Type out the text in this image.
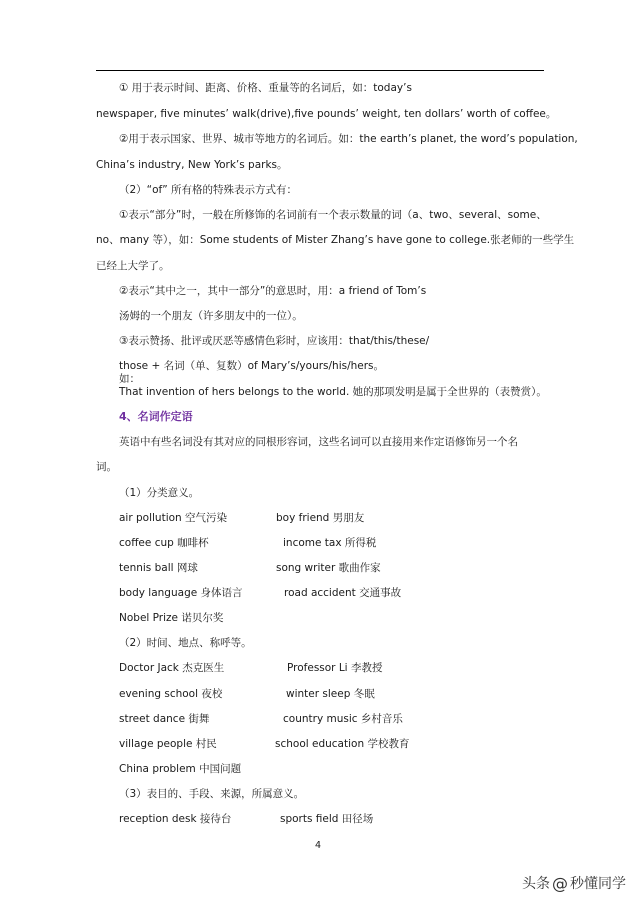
① 用于表示时间、距离、价格、重量等的名词后，如：today’s
newspaper, five minutes’ walk(drive),five pounds’ weight, ten dollars’ worth of coffee。
②用于表示国家、世界、城市等地方的名词后。如：the earth’s planet, the word’s population,
China’s industry, New York’s parks。
（2）“of” 所有格的特殊表示方式有：
①表示“部分”时，一般在所修饰的名词前有一个表示数量的词（a、two、several、some、
no、many 等），如：Some students of Mister Zhang’s have gone to college.张老师的一些学生
已经上大学了。
②表示“其中之一，其中一部分”的意思时，用：a friend of Tom’s
汤姆的一个朋友（许多朋友中的一位）。
③表示赞扬、批评或厌恶等感情色彩时，应该用：that/this/these/
those + 名词（单、复数）of Mary’s/yours/his/hers。
如：
That invention of hers belongs to the world. 她的那项发明是属于全世界的（表赞赏）。
4、名词作定语
英语中有些名词没有其对应的同根形容词，这些名词可以直接用来作定语修饰另一个名
词。
（1）分类意义。
air pollution 空气污染	boy friend 男朋友
coffee cup 咖啡杯	income tax 所得税
tennis ball 网球	song writer 歌曲作家
body language 身体语言	road accident 交通事故
Nobel Prize 诺贝尔奖
（2）时间、地点、称呼等。
Doctor Jack 杰克医生	Professor Li 李教授
evening school 夜校	winter sleep 冬眠
street dance 街舞	country music 乡村音乐
village people 村民	school education 学校教育
China problem 中国问题
（3）表目的、手段、来源，所属意义。
reception desk 接待台	sports field 田径场
4
头条 @ 秒懂同学
